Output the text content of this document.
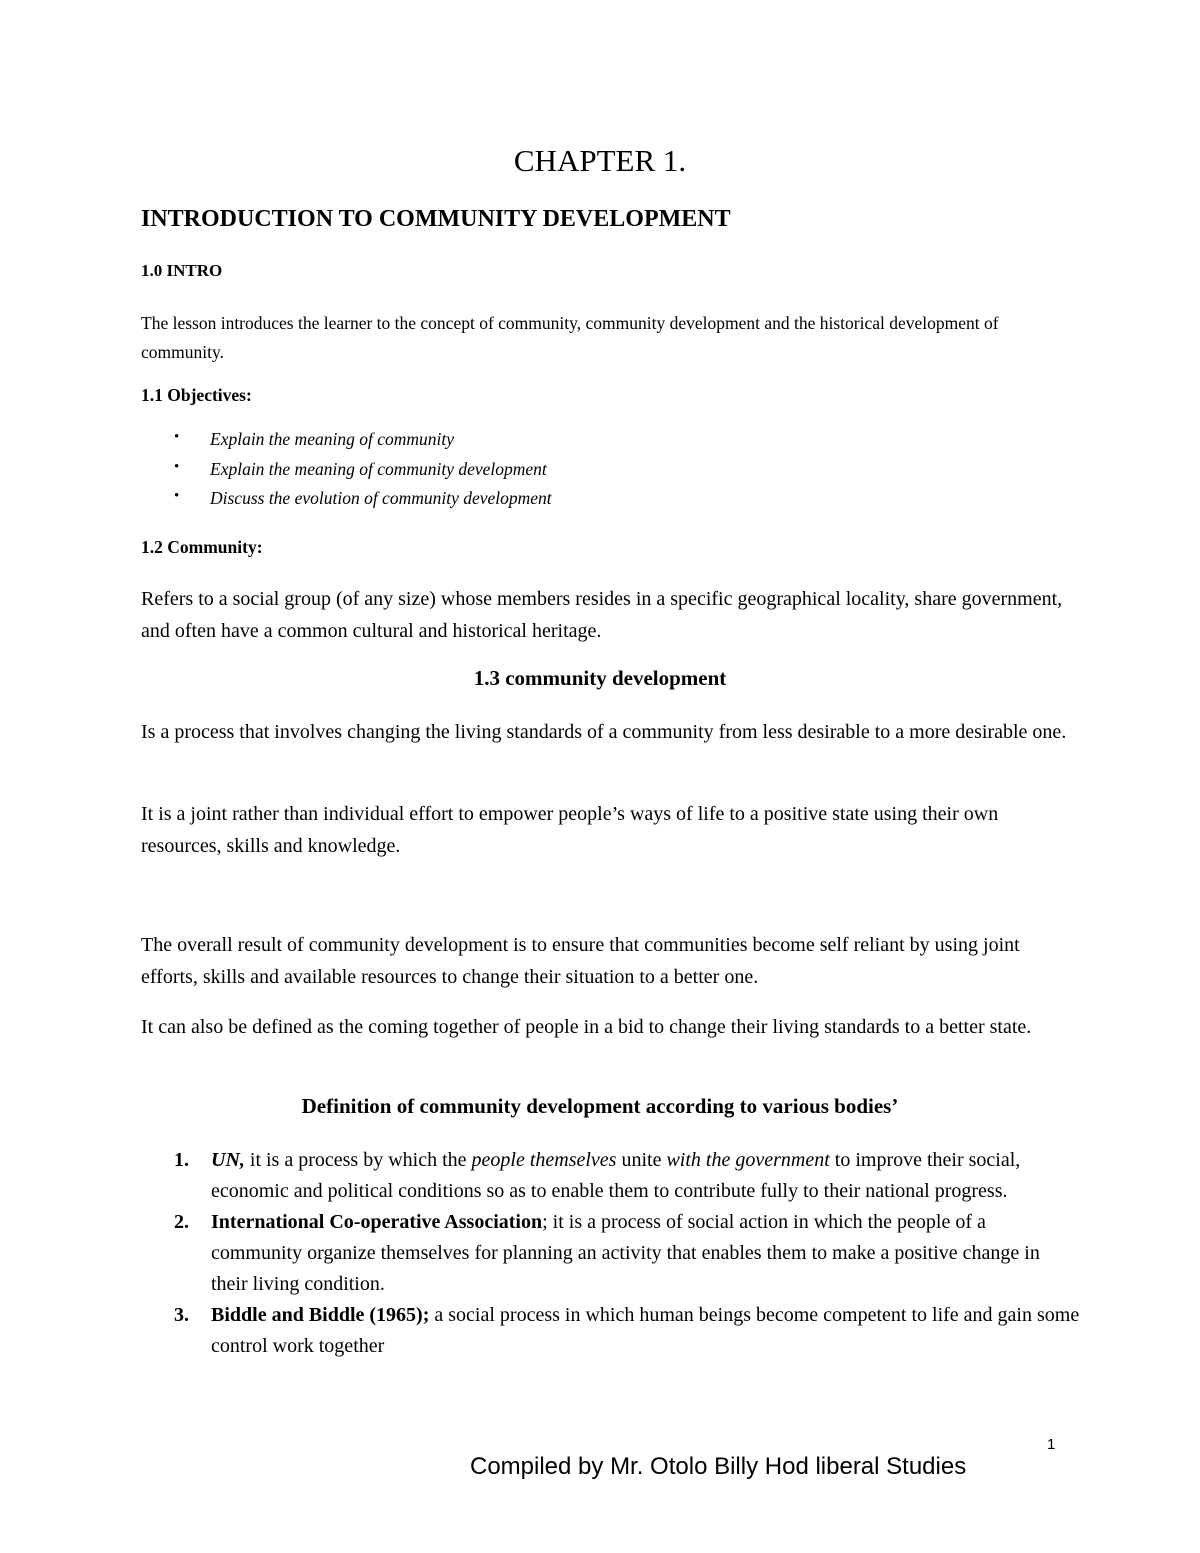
CHAPTER 1.
INTRODUCTION TO COMMUNITY DEVELOPMENT
1.0 INTRO

The lesson introduces the learner to the concept of community, community development and the historical development of community.

1.1 Objectives:
• Explain the meaning of community
• Explain the meaning of community development
• Discuss the evolution of community development
1.2 Community:

Refers to a social group (of any size) whose members resides in a specific geographical locality, share government, and often have a common cultural and historical heritage.

1.3 community development

Is a process that involves changing the living standards of a community from less desirable to a more desirable one.

It is a joint rather than individual effort to empower people’s ways of life to a positive state using their own resources, skills and knowledge.

The overall result of community development is to ensure that communities become self reliant by using joint efforts, skills and available resources to change their situation to a better one.

It can also be defined as the coming together of people in a bid to change their living standards to a better state.

Definition of community development according to various bodies’
1. UN, it is a process by which the people themselves unite with the government to improve their social, economic and political conditions so as to enable them to contribute fully to their national progress.
2. International Co-operative Association; it is a process of social action in which the people of a community organize themselves for planning an activity that enables them to make a positive change in their living condition.
3. Biddle and Biddle (1965); a social process in which human beings become competent to life and gain some control work together
1
Compiled by Mr. Otolo Billy Hod liberal Studies
